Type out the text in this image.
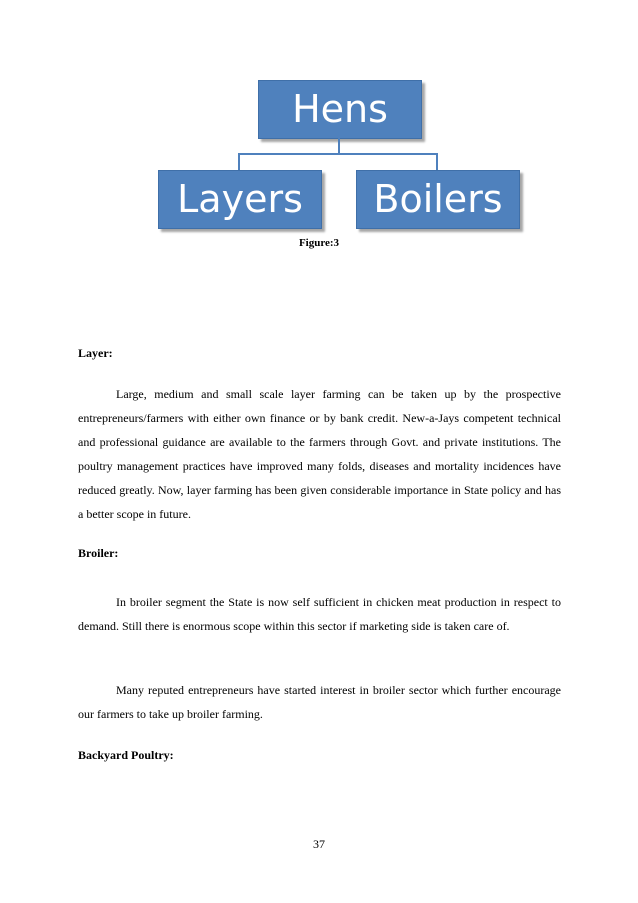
Hens
Layers	Boilers
Figure:3
Layer:
Large, medium and small scale layer farming can be taken up by the prospective entrepreneurs/farmers with either own finance or by bank credit. New-a-Jays competent technical and professional guidance are available to the farmers through Govt. and private institutions. The poultry management practices have improved many folds, diseases and mortality incidences have reduced greatly. Now, layer farming has been given considerable importance in State policy and has a better scope in future.
Broiler:
In broiler segment the State is now self sufficient in chicken meat production in respect to demand. Still there is enormous scope within this sector if marketing side is taken care of.
Many reputed entrepreneurs have started interest in broiler sector which further encourage our farmers to take up broiler farming.
Backyard Poultry:
37
